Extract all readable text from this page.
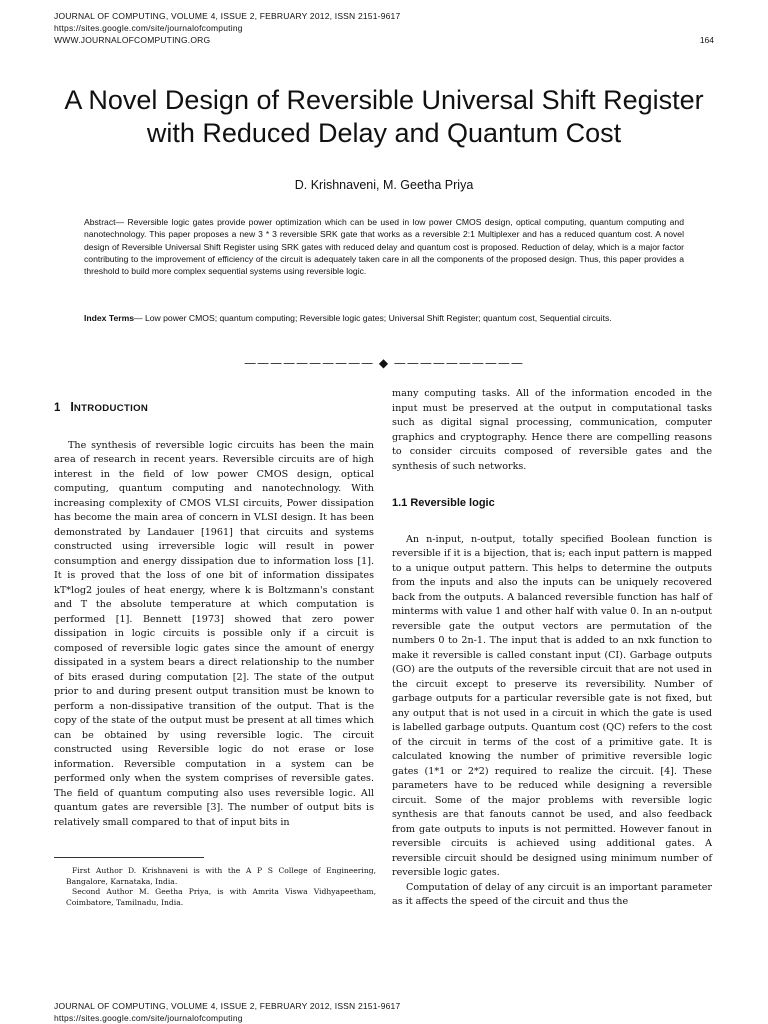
JOURNAL OF COMPUTING, VOLUME 4, ISSUE 2, FEBRUARY 2012, ISSN 2151-9617
https://sites.google.com/site/journalofcomputing
WWW.JOURNALOFCOMPUTING.ORG	164
A Novel Design of Reversible Universal Shift Register with Reduced Delay and Quantum Cost
D. Krishnaveni, M. Geetha Priya
Abstract— Reversible logic gates provide power optimization which can be used in low power CMOS design, optical computing, quantum computing and nanotechnology. This paper proposes a new 3 * 3 reversible SRK gate that works as a reversible 2:1 Multiplexer and has a reduced quantum cost. A novel design of Reversible Universal Shift Register using SRK gates with reduced delay and quantum cost is proposed. Reduction of delay, which is a major factor contributing to the improvement of efficiency of the circuit is adequately taken care in all the components of the proposed design. Thus, this paper provides a threshold to build more complex sequential systems using reversible logic.
Index Terms— Low power CMOS; quantum computing; Reversible logic gates; Universal Shift Register; quantum cost, Sequential circuits.
—————————— ◆ ——————————
1 INTRODUCTION

The synthesis of reversible logic circuits has been the main area of research in recent years. Reversible circuits are of high interest in the field of low power CMOS design, optical computing, quantum computing and nanotechnology. With increasing complexity of CMOS VLSI circuits, Power dissipation has become the main area of concern in VLSI design. It has been demonstrated by Landauer [1961] that circuits and systems constructed using irreversible logic will result in power consumption and energy dissipation due to information loss [1]. It is proved that the loss of one bit of information dissipates kT*log2 joules of heat energy, where k is Boltzmann's constant and T the absolute temperature at which computation is performed [1]. Bennett [1973] showed that zero power dissipation in logic circuits is possible only if a circuit is composed of reversible logic gates since the amount of energy dissipated in a system bears a direct relationship to the number of bits erased during computation [2]. The state of the output prior to and during present output transition must be known to perform a non-dissipative transition of the output. That is the copy of the state of the output must be present at all times which can be obtained by using reversible logic. The circuit constructed using Reversible logic do not erase or lose information. Reversible computation in a system can be performed only when the system comprises of reversible gates. The field of quantum computing also uses reversible logic. All quantum gates are reversible [3]. The number of output bits is relatively small compared to that of input bits in

many computing tasks. All of the information encoded in the input must be preserved at the output in computational tasks such as digital signal processing, communication, computer graphics and cryptography. Hence there are compelling reasons to consider circuits composed of reversible gates and the synthesis of such networks.

1.1 Reversible logic

An n-input, n-output, totally specified Boolean function is reversible if it is a bijection, that is; each input pattern is mapped to a unique output pattern. This helps to determine the outputs from the inputs and also the inputs can be uniquely recovered back from the outputs. A balanced reversible function has half of minterms with value 1 and other half with value 0. In an n-output reversible gate the output vectors are permutation of the numbers 0 to 2n-1. The input that is added to an nxk function to make it reversible is called constant input (CI). Garbage outputs (GO) are the outputs of the reversible circuit that are not used in the circuit except to preserve its reversibility. Number of garbage outputs for a particular reversible gate is not fixed, but any output that is not used in a circuit in which the gate is used is labelled garbage outputs. Quantum cost (QC) refers to the cost of the circuit in terms of the cost of a primitive gate. It is calculated knowing the number of primitive reversible logic gates (1*1 or 2*2) required to realize the circuit. [4]. These parameters have to be reduced while designing a reversible circuit. Some of the major problems with reversible logic synthesis are that fanouts cannot be used, and also feedback from gate outputs to inputs is not permitted. However fanout in reversible circuits is achieved using additional gates. A reversible circuit should be designed using minimum number of reversible logic gates.

Computation of delay of any circuit is an important parameter as it affects the speed of the circuit and thus the

First Author D. Krishnaveni is with the A P S College of Engineering, Bangalore, Karnataka, India.

Second Author M. Geetha Priya, is with Amrita Viswa Vidhyapeetham, Coimbatore, Tamilnadu, India.

JOURNAL OF COMPUTING, VOLUME 4, ISSUE 2, FEBRUARY 2012, ISSN 2151-9617
https://sites.google.com/site/journalofcomputing
